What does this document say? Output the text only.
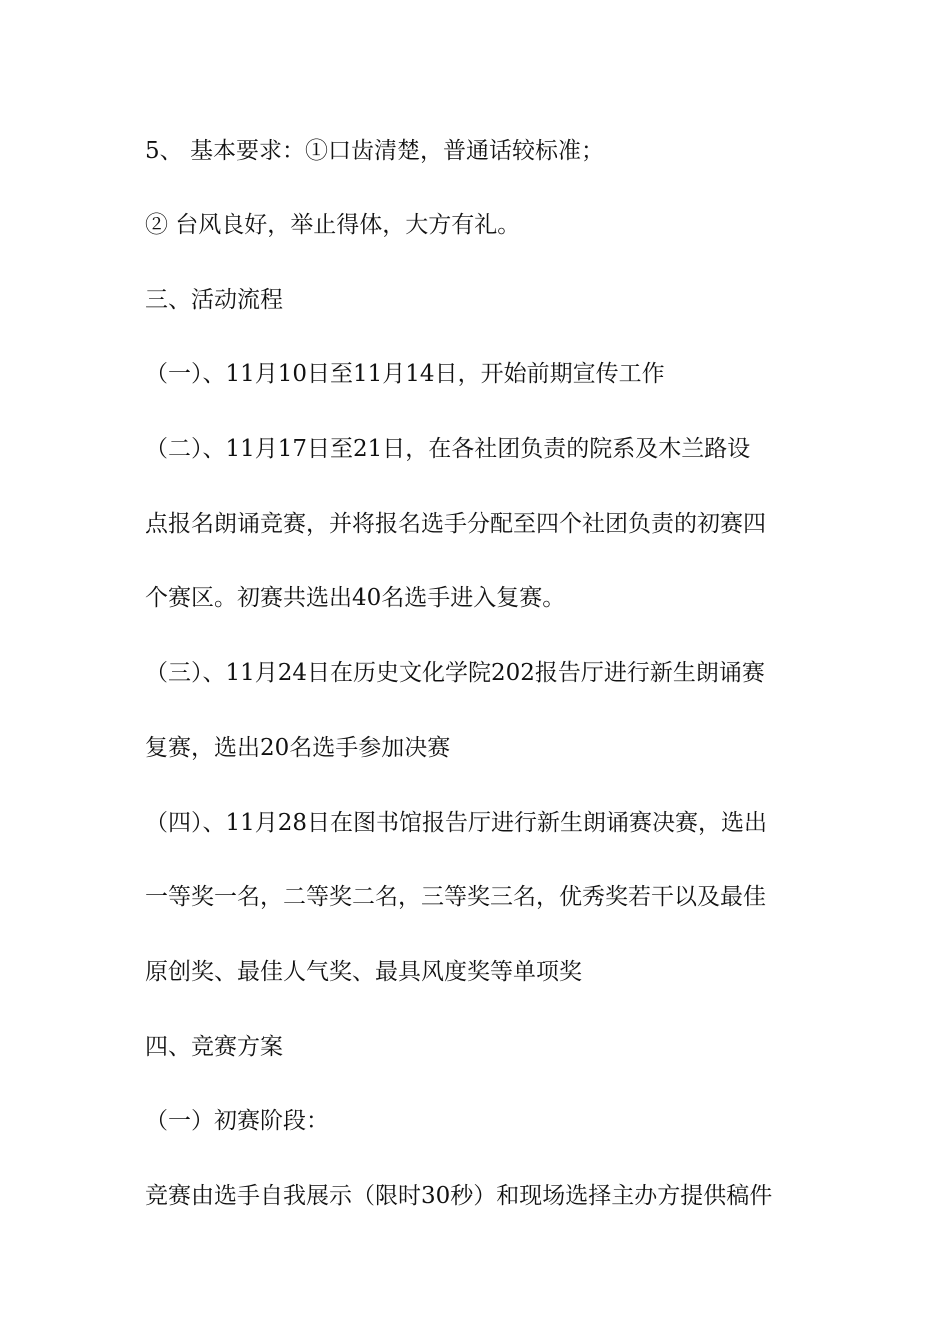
5、 基本要求：①口齿清楚，普通话较标准；
② 台风良好，举止得体，大方有礼。
三、活动流程
（一）、11月10日至11月14日，开始前期宣传工作
（二）、11月17日至21日，在各社团负责的院系及木兰路设
点报名朗诵竞赛，并将报名选手分配至四个社团负责的初赛四
个赛区。初赛共选出40名选手进入复赛。
（三）、11月24日在历史文化学院202报告厅进行新生朗诵赛
复赛，选出20名选手参加决赛
（四）、11月28日在图书馆报告厅进行新生朗诵赛决赛，选出
一等奖一名，二等奖二名，三等奖三名，优秀奖若干以及最佳
原创奖、最佳人气奖、最具风度奖等单项奖
四、竞赛方案
（一）初赛阶段：
竞赛由选手自我展示（限时30秒）和现场选择主办方提供稿件
